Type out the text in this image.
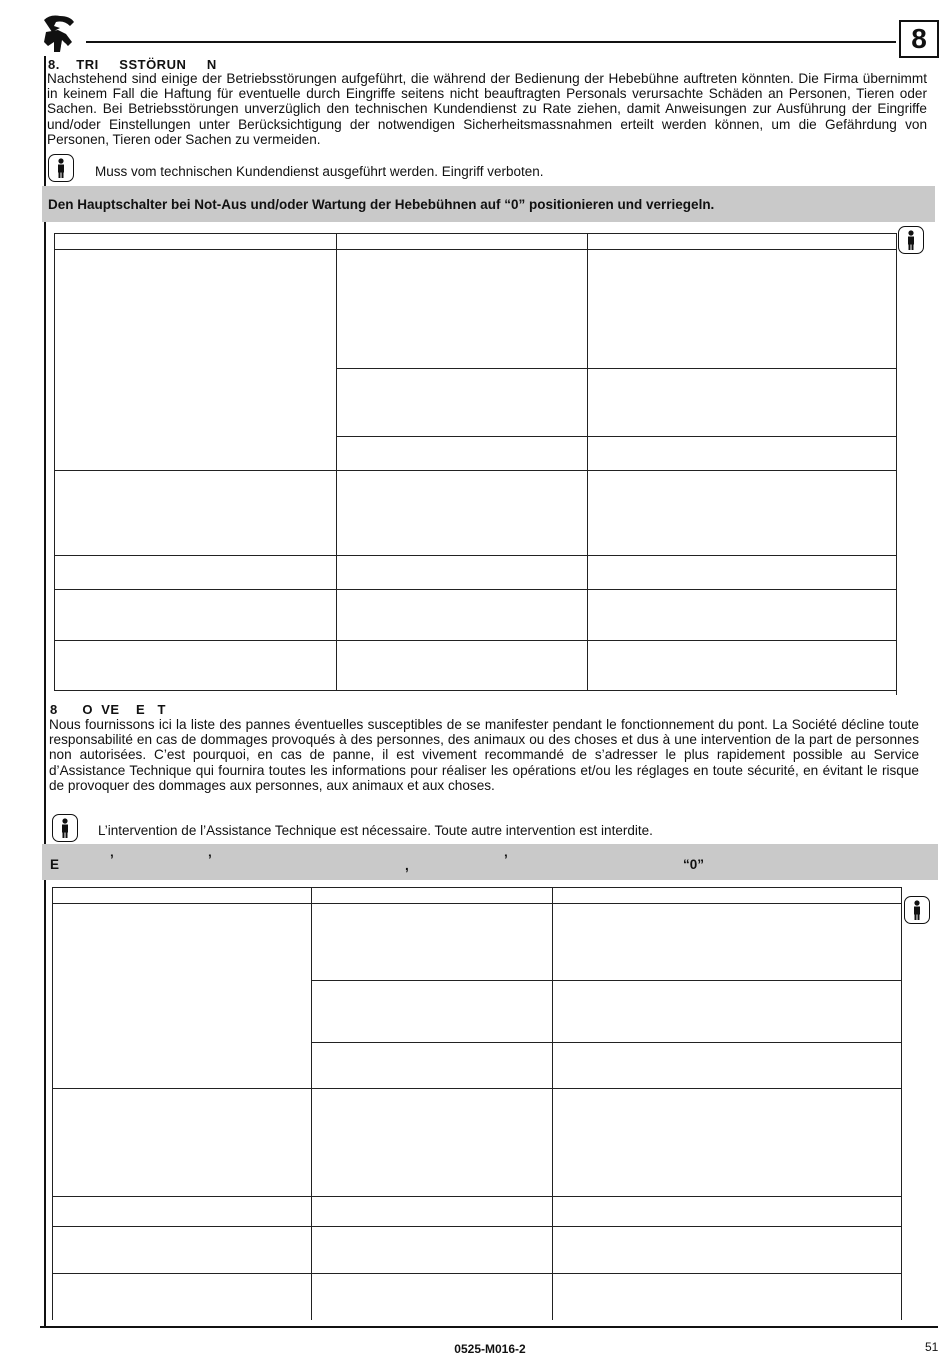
8
8.    TRI     SSTÖRUN     N
Nachstehend sind einige der Betriebsstörungen aufgeführt, die während der Bedienung der Hebebühne auftreten könnten. Die Firma übernimmt in keinem Fall die Haftung für eventuelle durch Eingriffe seitens nicht beauftragten Personals verursachte Schäden an Personen, Tieren oder Sachen. Bei Betriebsstörungen unverzüglich den technischen Kundendienst zu Rate ziehen, damit Anweisungen zur Ausführung der Eingriffe und/oder Einstellungen unter Berücksichtigung der notwendigen Sicherheitsmassnahmen erteilt werden können, um die Gefährdung von Personen, Tieren oder Sachen zu vermeiden.
Muss vom technischen Kundendienst ausgeführt werden. Eingriff verboten.
Den Hauptschalter bei Not-Aus und/oder Wartung der Hebebühnen auf “0” positionieren und verriegeln.
8      O  VE    E   T
Nous fournissons ici la liste des pannes éventuelles susceptibles de se manifester pendant le fonctionnement du pont. La Société décline toute responsabilité en cas de dommages provoqués à des personnes, des animaux ou des choses et dus à une intervention de la part de personnes non autorisées. C’est pourquoi, en cas de panne, il est vivement recommandé de s’adresser le plus rapidement possible au Service d’Assistance Technique qui fournira toutes les informations pour réaliser les opérations et/ou les réglages en toute sécurité, en évitant le risque de provoquer des dommages aux personnes, aux animaux et aux choses.
L’intervention de l’Assistance Technique est nécessaire. Toute autre intervention est interdite.
E	’	’	,	’	“0”
0525-M016-2	51
